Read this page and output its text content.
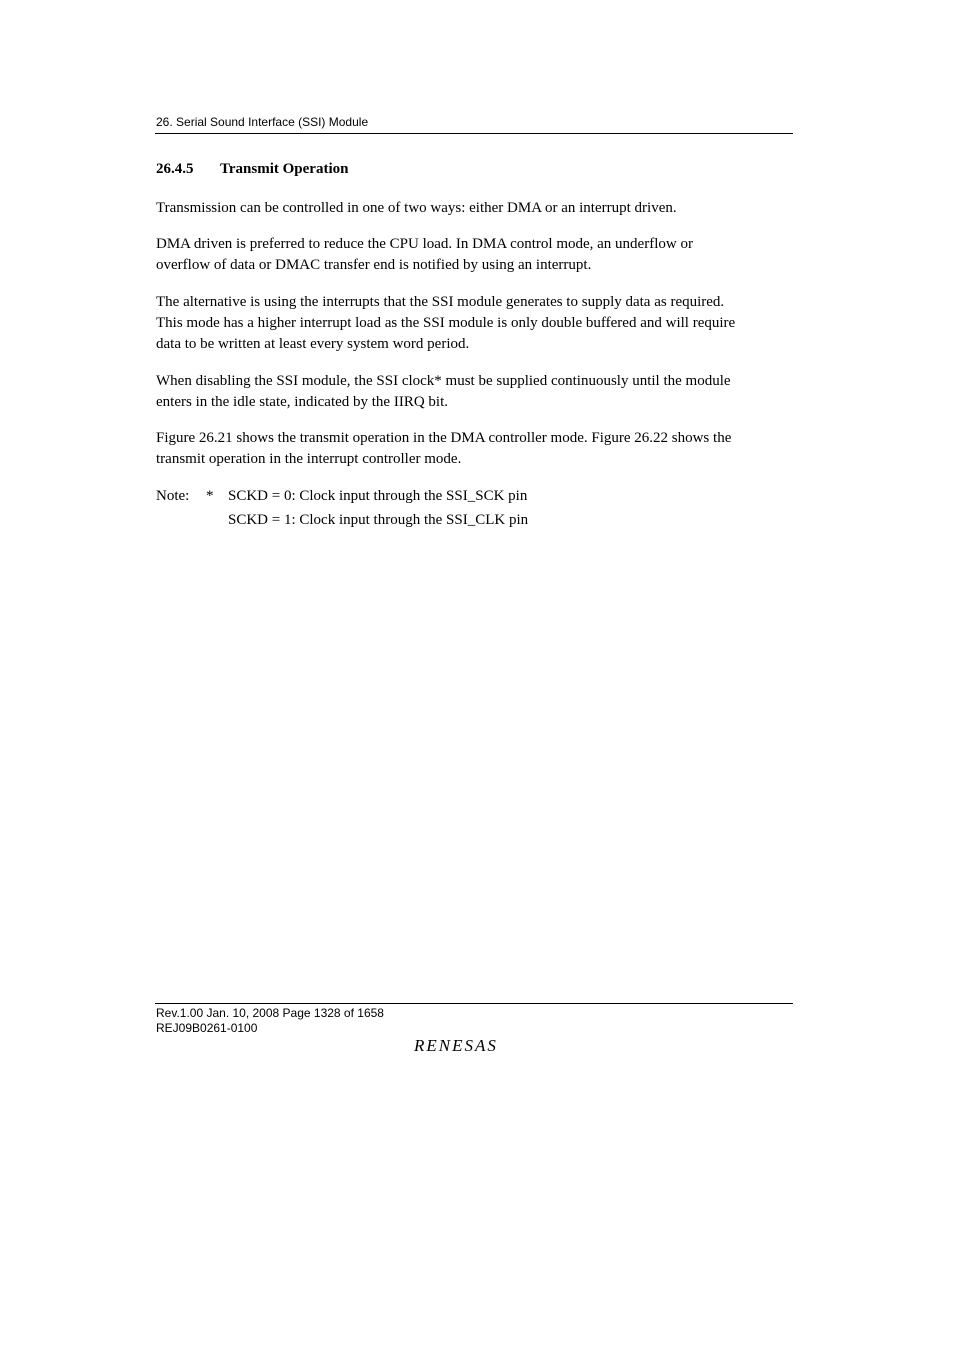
26. Serial Sound Interface (SSI) Module
26.4.5 Transmit Operation
Transmission can be controlled in one of two ways: either DMA or an interrupt driven.
DMA driven is preferred to reduce the CPU load. In DMA control mode, an underflow or
overflow of data or DMAC transfer end is notified by using an interrupt.
The alternative is using the interrupts that the SSI module generates to supply data as required.
This mode has a higher interrupt load as the SSI module is only double buffered and will require
data to be written at least every system word period.
When disabling the SSI module, the SSI clock* must be supplied continuously until the module
enters in the idle state, indicated by the IIRQ bit.
Figure 26.21 shows the transmit operation in the DMA controller mode. Figure 26.22 shows the
transmit operation in the interrupt controller mode.
Note: * SCKD = 0: Clock input through the SSI_SCK pin
SCKD = 1: Clock input through the SSI_CLK pin
Rev.1.00 Jan. 10, 2008 Page 1328 of 1658
REJ09B0261-0100
RENESAS
